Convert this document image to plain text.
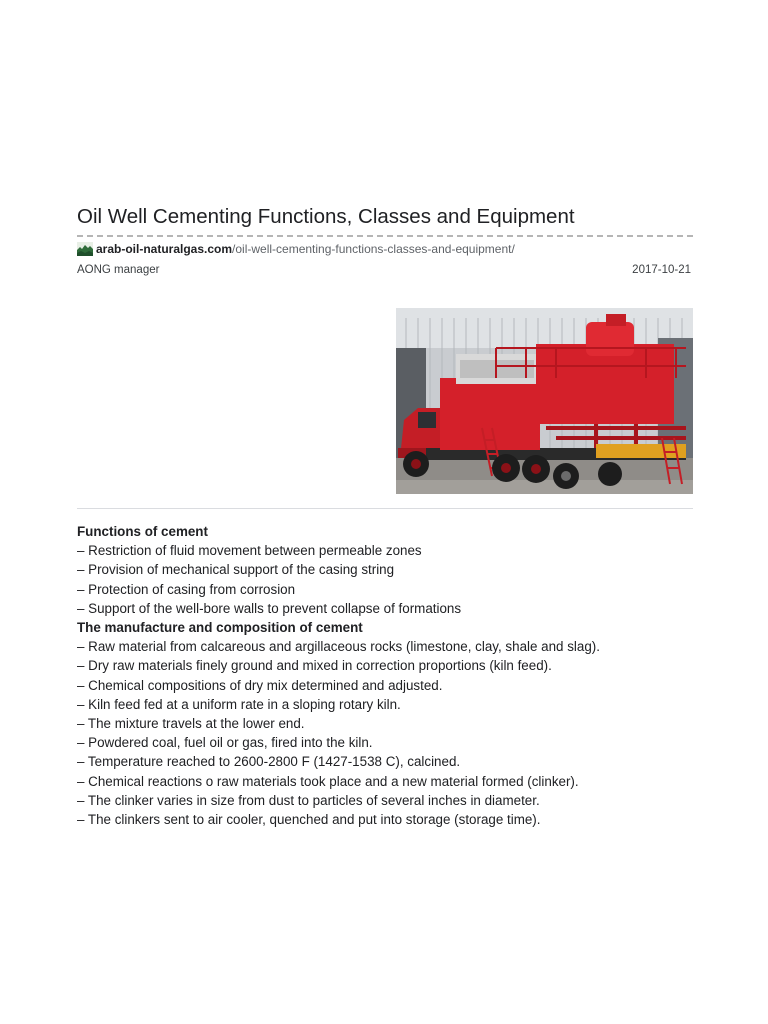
Oil Well Cementing Functions, Classes and Equipment
arab-oil-naturalgas.com /oil-well-cementing-functions-classes-and-equipment/
AONG manager	2017-10-21
Functions of cement
– Restriction of fluid movement between permeable zones
– Provision of mechanical support of the casing string
– Protection of casing from corrosion
– Support of the well-bore walls to prevent collapse of formations
The manufacture and composition of cement
– Raw material from calcareous and argillaceous rocks (limestone, clay, shale and slag).
– Dry raw materials finely ground and mixed in correction proportions (kiln feed).
– Chemical compositions of dry mix determined and adjusted.
– Kiln feed fed at a uniform rate in a sloping rotary kiln.
– The mixture travels at the lower end.
– Powdered coal, fuel oil or gas, fired into the kiln.
– Temperature reached to 2600-2800 F (1427-1538 C), calcined.
– Chemical reactions o raw materials took place and a new material formed (clinker).
– The clinker varies in size from dust to particles of several inches in diameter.
– The clinkers sent to air cooler, quenched and put into storage (storage time).
